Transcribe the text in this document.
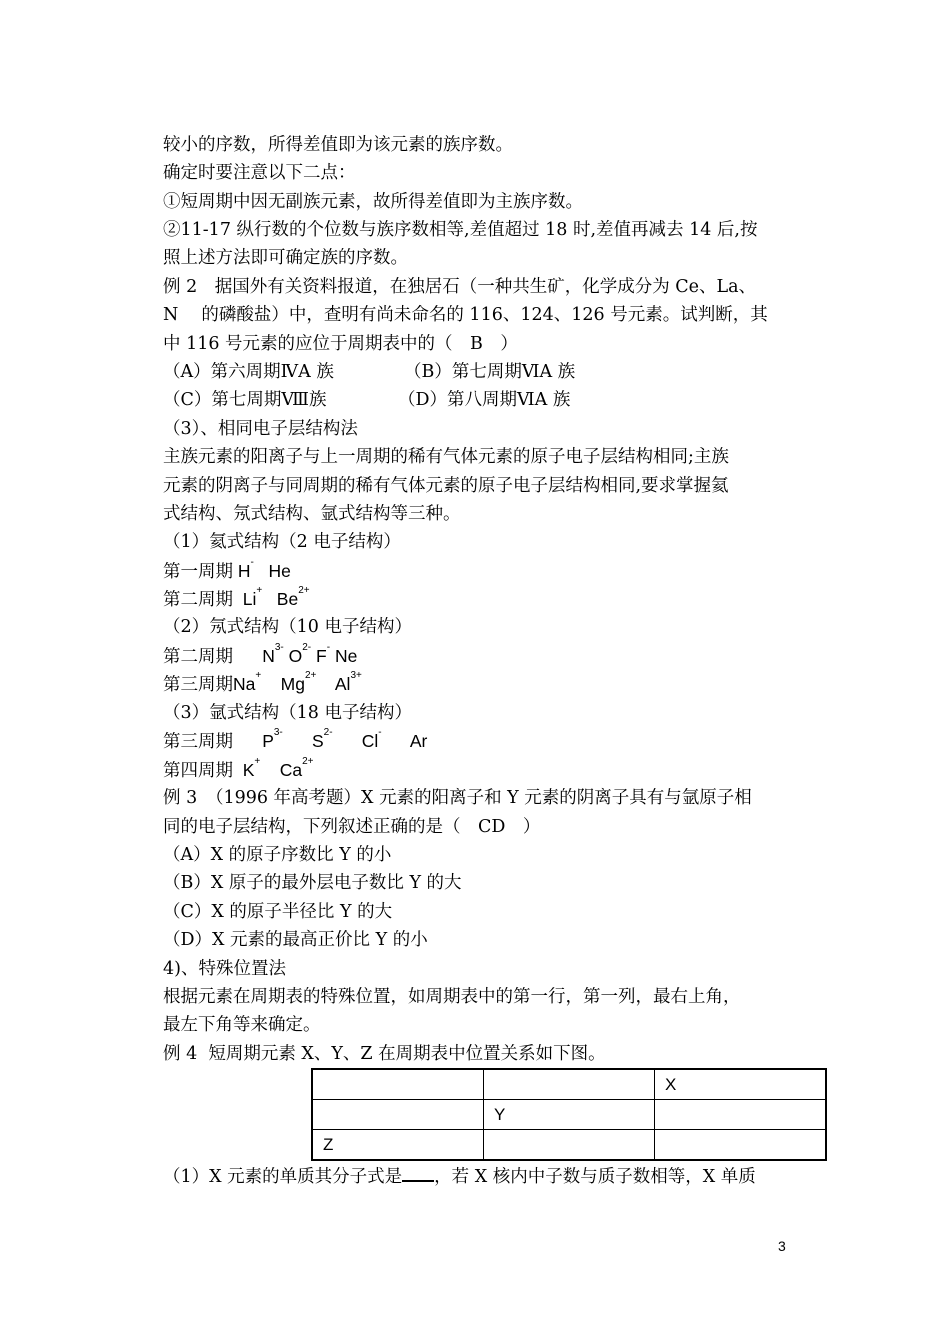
较小的序数，所得差值即为该元素的族序数。
确定时要注意以下二点：
①短周期中因无副族元素，故所得差值即为主族序数。
②11-17 纵行数的个位数与族序数相等,差值超过 18 时,差值再减去 14 后,按
照上述方法即可确定族的序数。
例 2　据国外有关资料报道，在独居石（一种共生矿，化学成分为 Ce、La、
N　 的磷酸盐）中，查明有尚未命名的 116、124、126 号元素。试判断，其
中 116 号元素的应位于周期表中的（　B　）
（A）第六周期ⅣA 族	（B）第七周期ⅥA 族
（C）第七周期Ⅷ族	（D）第八周期ⅥA 族
（3）、相同电子层结构法
主族元素的阳离子与上一周期的稀有气体元素的原子电子层结构相同;主族
元素的阴离子与同周期的稀有气体元素的原子电子层结构相同,要求掌握氦
式结构、氖式结构、氩式结构等三种。
（1）氦式结构（2 电子结构）
第一周期 H- He
第二周期 Li+ $Be^{2+}$
（2）氖式结构（10 电子结构）
第二周期 $N^{3-}$ $O^{2-}$ F- Ne
第三周期Na+ $Mg^{2+}$ $Al^{3+}$
（3）氩式结构（18 电子结构）
第三周期 $P^{3-}$ $S^{2-}$ Cl- Ar
第四周期 K+ $Ca^{2+}$
例 3　（1996 年高考题）X 元素的阳离子和 Y 元素的阴离子具有与氩原子相
同的电子层结构，下列叙述正确的是（　CD　）
（A）X 的原子序数比 Y 的小
（B）X 原子的最外层电子数比 Y 的大
（C）X 的原子半径比 Y 的大
（D）X 元素的最高正价比 Y 的小
4)、特殊位置法
根据元素在周期表的特殊位置，如周期表中的第一行，第一列，最右上角，
最左下角等来确定。
例 4  短周期元素 X、Y、Z 在周期表中位置关系如下图。
		X
	Y	
Z		
（1）X 元素的单质其分子式是 ，若 X 核内中子数与质子数相等，X 单质
3
